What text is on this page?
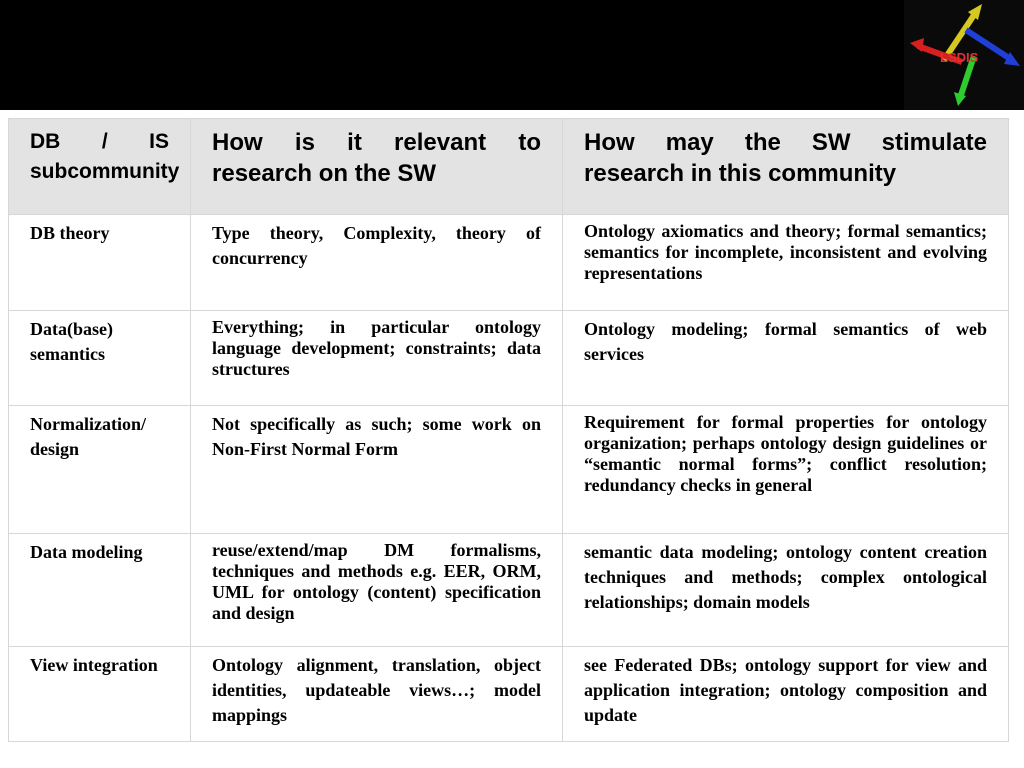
LSDIS
DB / IS subcommunity	How is it relevant to research on the SW	How may the SW stimulate research in this community
DB theory	Type theory, Complexity, theory of concurrency	Ontology axiomatics and theory; formal semantics; semantics for incomplete, inconsistent and evolving representations
Data(base) semantics	Everything; in particular ontology language development; constraints; data structures	Ontology modeling; formal semantics of web services
Normalization/ design	Not specifically as such; some work on Non-First Normal Form	Requirement for formal properties for ontology organization; perhaps ontology design guidelines or “semantic normal forms”; conflict resolution; redundancy checks in general
Data modeling	reuse/extend/map DM formalisms, techniques and methods e.g. EER, ORM, UML for ontology (content) specification and design	semantic data modeling; ontology content creation techniques and methods; complex ontological relationships; domain models
View integration	Ontology alignment, translation, object identities, updateable views…; model mappings	see Federated DBs; ontology support for view and application integration; ontology composition and update
